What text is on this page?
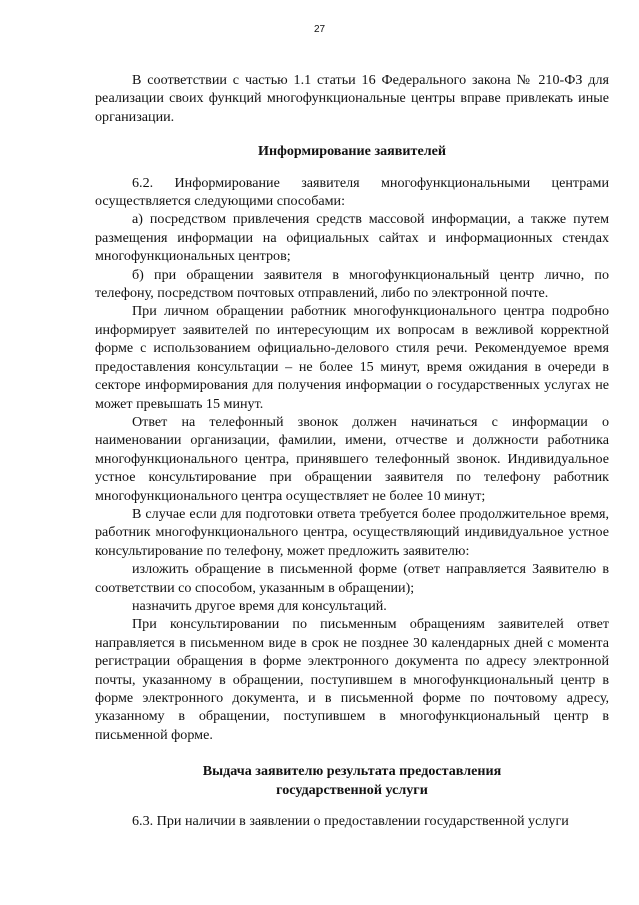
27

В соответствии с частью 1.1 статьи 16 Федерального закона № 210-ФЗ для реализации своих функций многофункциональные центры вправе привлекать иные организации.

Информирование заявителей

6.2. Информирование заявителя многофункциональными центрами осуществляется следующими способами:

а) посредством привлечения средств массовой информации, а также путем размещения информации на официальных сайтах и информационных стендах многофункциональных центров;

б) при обращении заявителя в многофункциональный центр лично, по телефону, посредством почтовых отправлений, либо по электронной почте.

При личном обращении работник многофункционального центра подробно информирует заявителей по интересующим их вопросам в вежливой корректной форме с использованием официально-делового стиля речи. Рекомендуемое время предоставления консультации – не более 15 минут, время ожидания в очереди в секторе информирования для получения информации о государственных услугах не может превышать 15 минут.

Ответ на телефонный звонок должен начинаться с информации о наименовании организации, фамилии, имени, отчестве и должности работника многофункционального центра, принявшего телефонный звонок. Индивидуальное устное консультирование при обращении заявителя по телефону работник многофункционального центра осуществляет не более 10 минут;

В случае если для подготовки ответа требуется более продолжительное время, работник многофункционального центра, осуществляющий индивидуальное устное консультирование по телефону, может предложить заявителю:

изложить обращение в письменной форме (ответ направляется Заявителю в соответствии со способом, указанным в обращении);

назначить другое время для консультаций.

При консультировании по письменным обращениям заявителей ответ направляется в письменном виде в срок не позднее 30 календарных дней с момента регистрации обращения в форме электронного документа по адресу электронной почты, указанному в обращении, поступившем в многофункциональный центр в форме электронного документа, и в письменной форме по почтовому адресу, указанному в обращении, поступившем в многофункциональный центр в письменной форме.

Выдача заявителю результата предоставления
государственной услуги

6.3. При наличии в заявлении о предоставлении государственной услуги
